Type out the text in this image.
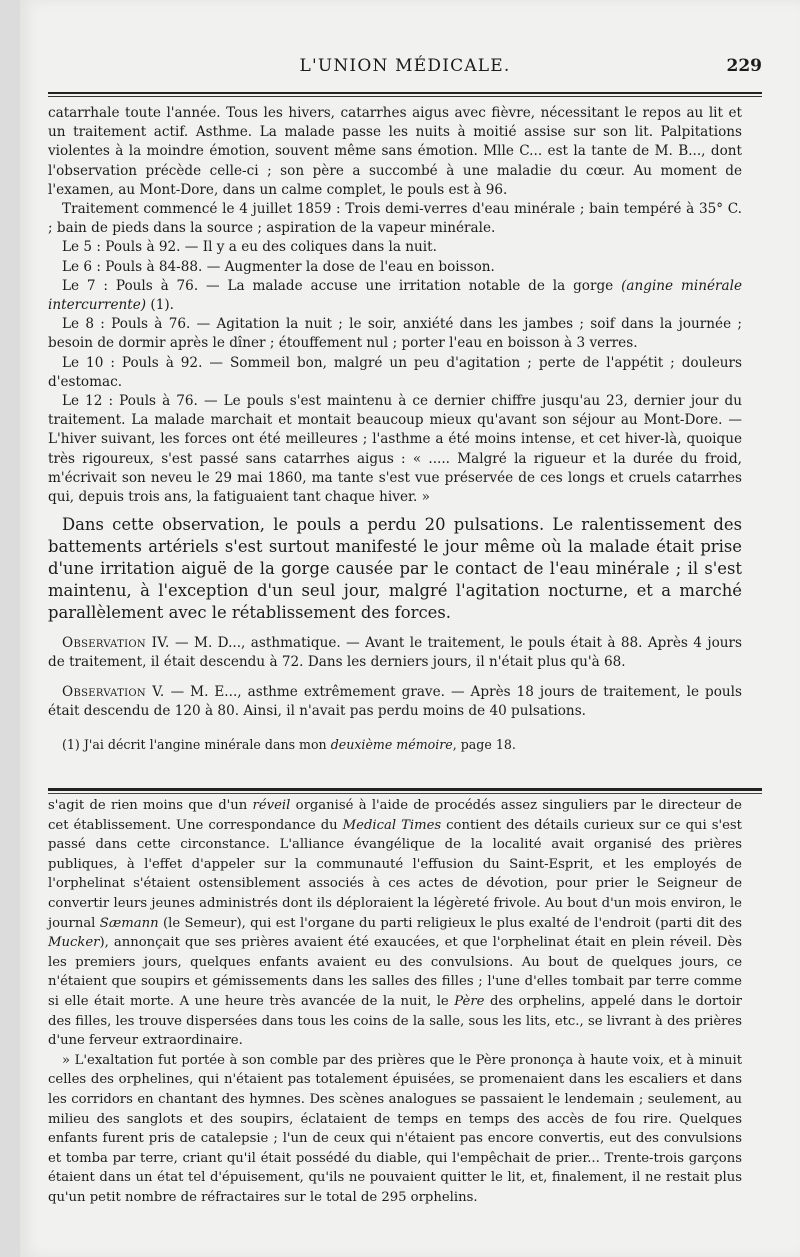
L'UNION MÉDICALE.	229

catarrhale toute l'année. Tous les hivers, catarrhes aigus avec fièvre, nécessitant le repos au lit et un traitement actif. Asthme. La malade passe les nuits à moitié assise sur son lit. Palpitations violentes à la moindre émotion, souvent même sans émotion. Mlle C... est la tante de M. B..., dont l'observation précède celle-ci ; son père a succombé à une maladie du cœur. Au moment de l'examen, au Mont-Dore, dans un calme complet, le pouls est à 96.

Traitement commencé le 4 juillet 1859 : Trois demi-verres d'eau minérale ; bain tempéré à 35° C. ; bain de pieds dans la source ; aspiration de la vapeur minérale.

Le 5 : Pouls à 92. — Il y a eu des coliques dans la nuit.

Le 6 : Pouls à 84-88. — Augmenter la dose de l'eau en boisson.

Le 7 : Pouls à 76. — La malade accuse une irritation notable de la gorge (angine minérale intercurrente) (1).

Le 8 : Pouls à 76. — Agitation la nuit ; le soir, anxiété dans les jambes ; soif dans la journée ; besoin de dormir après le dîner ; étouffement nul ; porter l'eau en boisson à 3 verres.

Le 10 : Pouls à 92. — Sommeil bon, malgré un peu d'agitation ; perte de l'appétit ; douleurs d'estomac.

Le 12 : Pouls à 76. — Le pouls s'est maintenu à ce dernier chiffre jusqu'au 23, dernier jour du traitement. La malade marchait et montait beaucoup mieux qu'avant son séjour au Mont-Dore. — L'hiver suivant, les forces ont été meilleures ; l'asthme a été moins intense, et cet hiver-là, quoique très rigoureux, s'est passé sans catarrhes aigus : « ..... Malgré la rigueur et la durée du froid, m'écrivait son neveu le 29 mai 1860, ma tante s'est vue préservée de ces longs et cruels catarrhes qui, depuis trois ans, la fatiguaient tant chaque hiver. »

Dans cette observation, le pouls a perdu 20 pulsations. Le ralentissement des battements artériels s'est surtout manifesté le jour même où la malade était prise d'une irritation aiguë de la gorge causée par le contact de l'eau minérale ; il s'est maintenu, à l'exception d'un seul jour, malgré l'agitation nocturne, et a marché parallèlement avec le rétablissement des forces.

Observation IV. — M. D..., asthmatique. — Avant le traitement, le pouls était à 88. Après 4 jours de traitement, il était descendu à 72. Dans les derniers jours, il n'était plus qu'à 68.

Observation V. — M. E..., asthme extrêmement grave. — Après 18 jours de traitement, le pouls était descendu de 120 à 80. Ainsi, il n'avait pas perdu moins de 40 pulsations.

(1) J'ai décrit l'angine minérale dans mon deuxième mémoire, page 18.

s'agit de rien moins que d'un réveil organisé à l'aide de procédés assez singuliers par le directeur de cet établissement. Une correspondance du Medical Times contient des détails curieux sur ce qui s'est passé dans cette circonstance. L'alliance évangélique de la localité avait organisé des prières publiques, à l'effet d'appeler sur la communauté l'effusion du Saint-Esprit, et les employés de l'orphelinat s'étaient ostensiblement associés à ces actes de dévotion, pour prier le Seigneur de convertir leurs jeunes administrés dont ils déploraient la légèreté frivole. Au bout d'un mois environ, le journal Sæmann (le Semeur), qui est l'organe du parti religieux le plus exalté de l'endroit (parti dit des Mucker), annonçait que ses prières avaient été exaucées, et que l'orphelinat était en plein réveil. Dès les premiers jours, quelques enfants avaient eu des convulsions. Au bout de quelques jours, ce n'étaient que soupirs et gémissements dans les salles des filles ; l'une d'elles tombait par terre comme si elle était morte. A une heure très avancée de la nuit, le Père des orphelins, appelé dans le dortoir des filles, les trouve dispersées dans tous les coins de la salle, sous les lits, etc., se livrant à des prières d'une ferveur extraordinaire.

» L'exaltation fut portée à son comble par des prières que le Père prononça à haute voix, et à minuit celles des orphelines, qui n'étaient pas totalement épuisées, se promenaient dans les escaliers et dans les corridors en chantant des hymnes. Des scènes analogues se passaient le lendemain ; seulement, au milieu des sanglots et des soupirs, éclataient de temps en temps des accès de fou rire. Quelques enfants furent pris de catalepsie ; l'un de ceux qui n'étaient pas encore convertis, eut des convulsions et tomba par terre, criant qu'il était possédé du diable, qui l'empêchait de prier... Trente-trois garçons étaient dans un état tel d'épuisement, qu'ils ne pouvaient quitter le lit, et, finalement, il ne restait plus qu'un petit nombre de réfractaires sur le total de 295 orphelins.
